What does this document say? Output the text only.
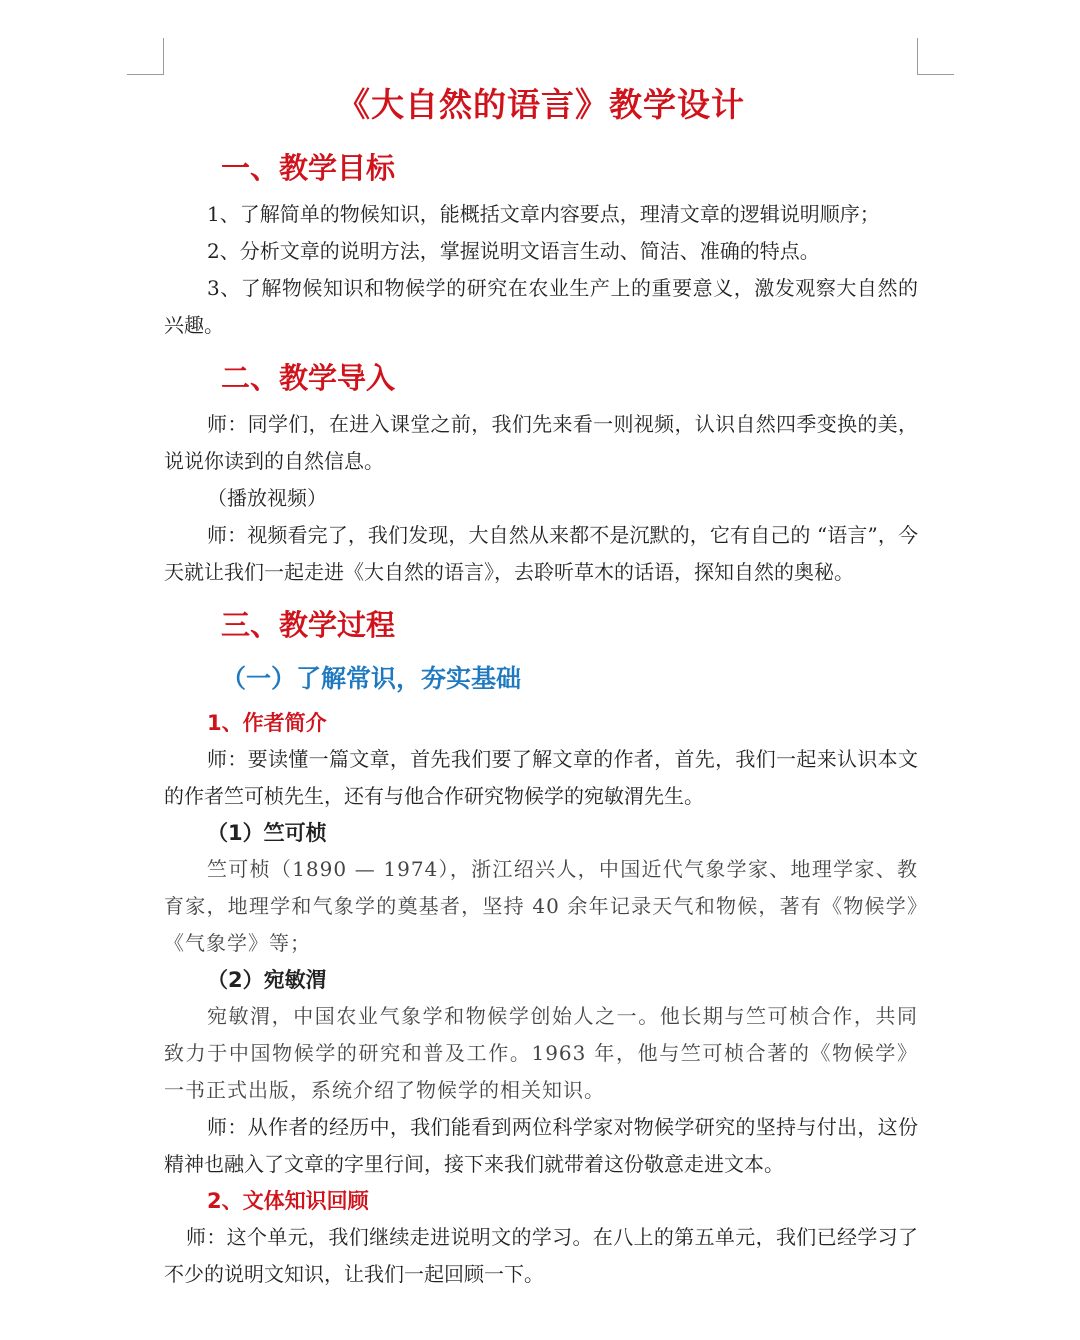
《大自然的语言》教学设计
一、教学目标

1、了解简单的物候知识，能概括文章内容要点，理清文章的逻辑说明顺序；

2、分析文章的说明方法，掌握说明文语言生动、简洁、准确的特点。

3、了解物候知识和物候学的研究在农业生产上的重要意义，激发观察大自然的兴趣。

二、教学导入

师：同学们，在进入课堂之前，我们先来看一则视频，认识自然四季变换的美，说说你读到的自然信息。

（播放视频）

师：视频看完了，我们发现，大自然从来都不是沉默的，它有自己的 “语言”，今天就让我们一起走进《大自然的语言》，去聆听草木的话语，探知自然的奥秘。

三、教学过程
（一）了解常识，夯实基础
1、作者简介

师：要读懂一篇文章，首先我们要了解文章的作者，首先，我们一起来认识本文的作者竺可桢先生，还有与他合作研究物候学的宛敏渭先生。

（1）竺可桢

竺可桢（1890 — 1974），浙江绍兴人，中国近代气象学家、地理学家、教育家，地理学和气象学的奠基者，坚持 40 余年记录天气和物候，著有《物候学》《气象学》等；

（2）宛敏渭

宛敏渭，中国农业气象学和物候学创始人之一。他长期与竺可桢合作，共同致力于中国物候学的研究和普及工作。1963 年，他与竺可桢合著的《物候学》一书正式出版，系统介绍了物候学的相关知识。

师：从作者的经历中，我们能看到两位科学家对物候学研究的坚持与付出，这份精神也融入了文章的字里行间，接下来我们就带着这份敬意走进文本。

2、文体知识回顾

师：这个单元，我们继续走进说明文的学习。在八上的第五单元，我们已经学习了不少的说明文知识，让我们一起回顾一下。
